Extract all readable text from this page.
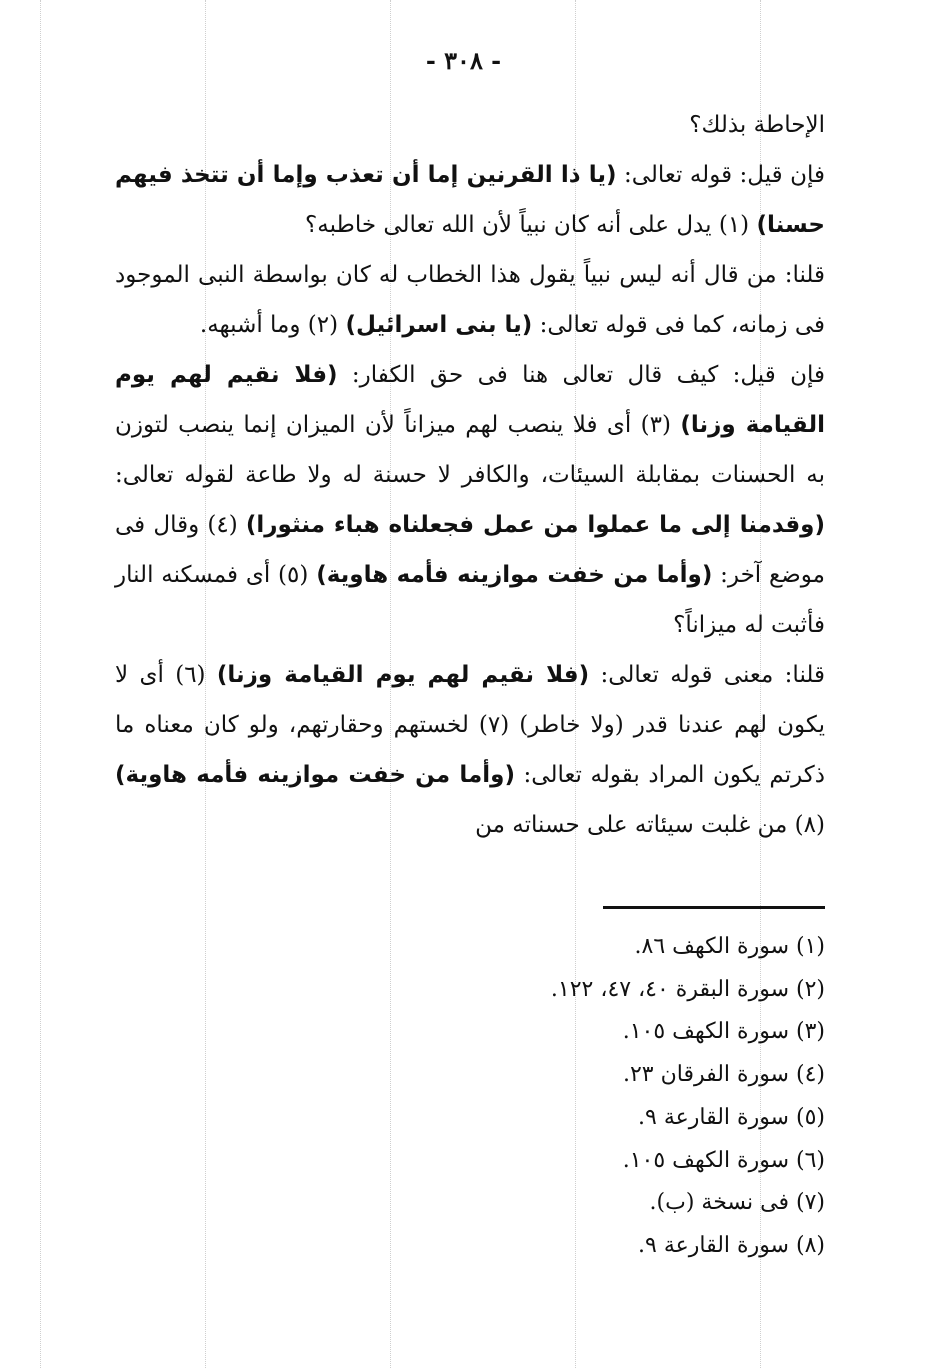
- ٣٠٨ -

الإحاطة بذلك؟

فإن قيل: قوله تعالى: (يا ذا القرنين إما أن تعذب وإما أن تتخذ فيهم حسنا) (١) يدل على أنه كان نبياً لأن الله تعالى خاطبه؟

قلنا: من قال أنه ليس نبياً يقول هذا الخطاب له كان بواسطة النبى الموجود فى زمانه، كما فى قوله تعالى: (يا بنى اسرائيل) (٢) وما أشبهه.

فإن قيل: كيف قال تعالى هنا فى حق الكفار: (فلا نقيم لهم يوم القيامة وزنا) (٣) أى فلا ينصب لهم ميزاناً لأن الميزان إنما ينصب لتوزن به الحسنات بمقابلة السيئات، والكافر لا حسنة له ولا طاعة لقوله تعالى: (وقدمنا إلى ما عملوا من عمل فجعلناه هباء منثورا) (٤) وقال فى موضع آخر: (وأما من خفت موازينه فأمه هاوية) (٥) أى فمسكنه النار فأثبت له ميزاناً؟

قلنا: معنى قوله تعالى: (فلا نقيم لهم يوم القيامة وزنا) (٦) أى لا يكون لهم عندنا قدر (ولا خاطر) (٧) لخستهم وحقارتهم، ولو كان معناه ما ذكرتم يكون المراد بقوله تعالى: (وأما من خفت موازينه فأمه هاوية) (٨) من غلبت سيئاته على حسناته من

(١) سورة الكهف ٨٦.
(٢) سورة البقرة ٤٠، ٤٧، ١٢٢.
(٣) سورة الكهف ١٠٥.
(٤) سورة الفرقان ٢٣.
(٥) سورة القارعة ٩.
(٦) سورة الكهف ١٠٥.
(٧) فى نسخة (ب).
(٨) سورة القارعة ٩.
